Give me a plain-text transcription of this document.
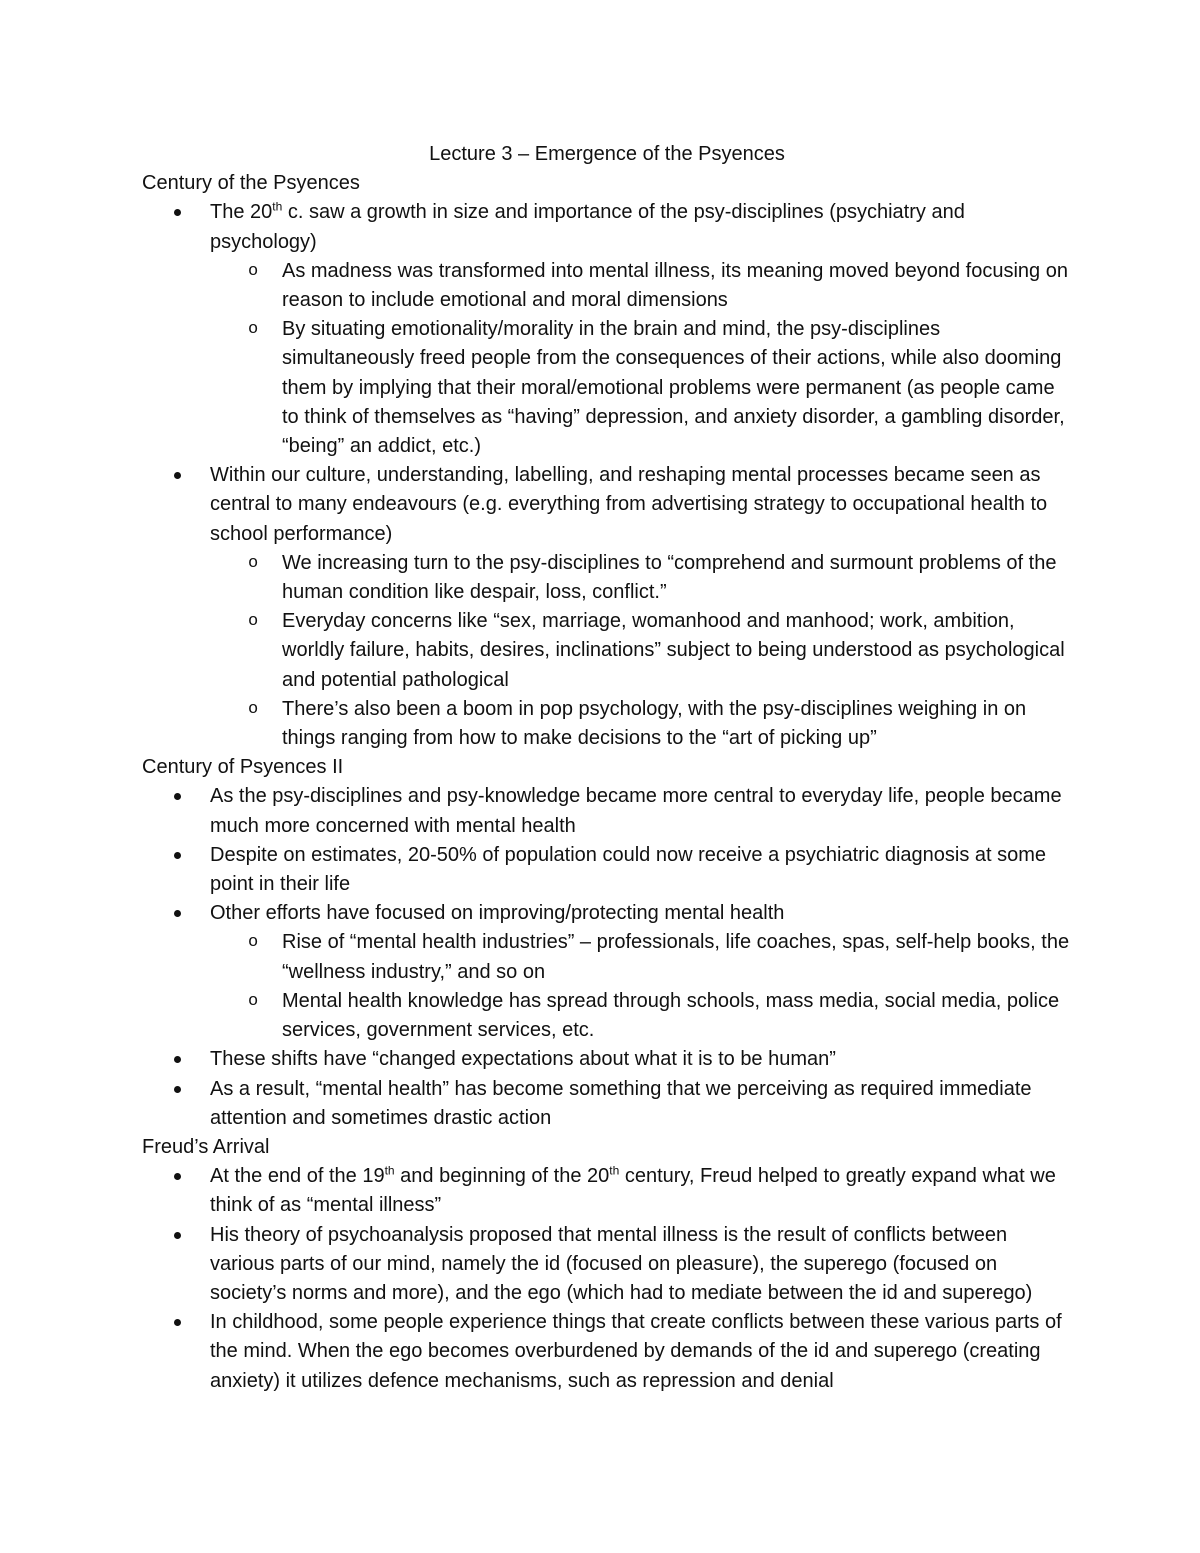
Lecture 3 – Emergence of the Psyences

Century of the Psyences

The 20th c. saw a growth in size and importance of the psy-disciplines (psychiatry and psychology)
o As madness was transformed into mental illness, its meaning moved beyond focusing on reason to include emotional and moral dimensions
o By situating emotionality/morality in the brain and mind, the psy-disciplines simultaneously freed people from the consequences of their actions, while also dooming them by implying that their moral/emotional problems were permanent (as people came to think of themselves as “having” depression, and anxiety disorder, a gambling disorder, “being” an addict, etc.)
Within our culture, understanding, labelling, and reshaping mental processes became seen as central to many endeavours (e.g. everything from advertising strategy to occupational health to school performance)
o We increasing turn to the psy-disciplines to “comprehend and surmount problems of the human condition like despair, loss, conflict.”
o Everyday concerns like “sex, marriage, womanhood and manhood; work, ambition, worldly failure, habits, desires, inclinations” subject to being understood as psychological and potential pathological
o There’s also been a boom in pop psychology, with the psy-disciplines weighing in on things ranging from how to make decisions to the “art of picking up”

Century of Psyences II

As the psy-disciplines and psy-knowledge became more central to everyday life, people became much more concerned with mental health
Despite on estimates, 20-50% of population could now receive a psychiatric diagnosis at some point in their life
Other efforts have focused on improving/protecting mental health
o Rise of “mental health industries” – professionals, life coaches, spas, self-help books, the “wellness industry,” and so on
o Mental health knowledge has spread through schools, mass media, social media, police services, government services, etc.
These shifts have “changed expectations about what it is to be human”
As a result, “mental health” has become something that we perceiving as required immediate attention and sometimes drastic action

Freud’s Arrival

At the end of the 19th and beginning of the 20th century, Freud helped to greatly expand what we think of as “mental illness”
His theory of psychoanalysis proposed that mental illness is the result of conflicts between various parts of our mind, namely the id (focused on pleasure), the superego (focused on society’s norms and more), and the ego (which had to mediate between the id and superego)
In childhood, some people experience things that create conflicts between these various parts of the mind. When the ego becomes overburdened by demands of the id and superego (creating anxiety) it utilizes defence mechanisms, such as repression and denial
